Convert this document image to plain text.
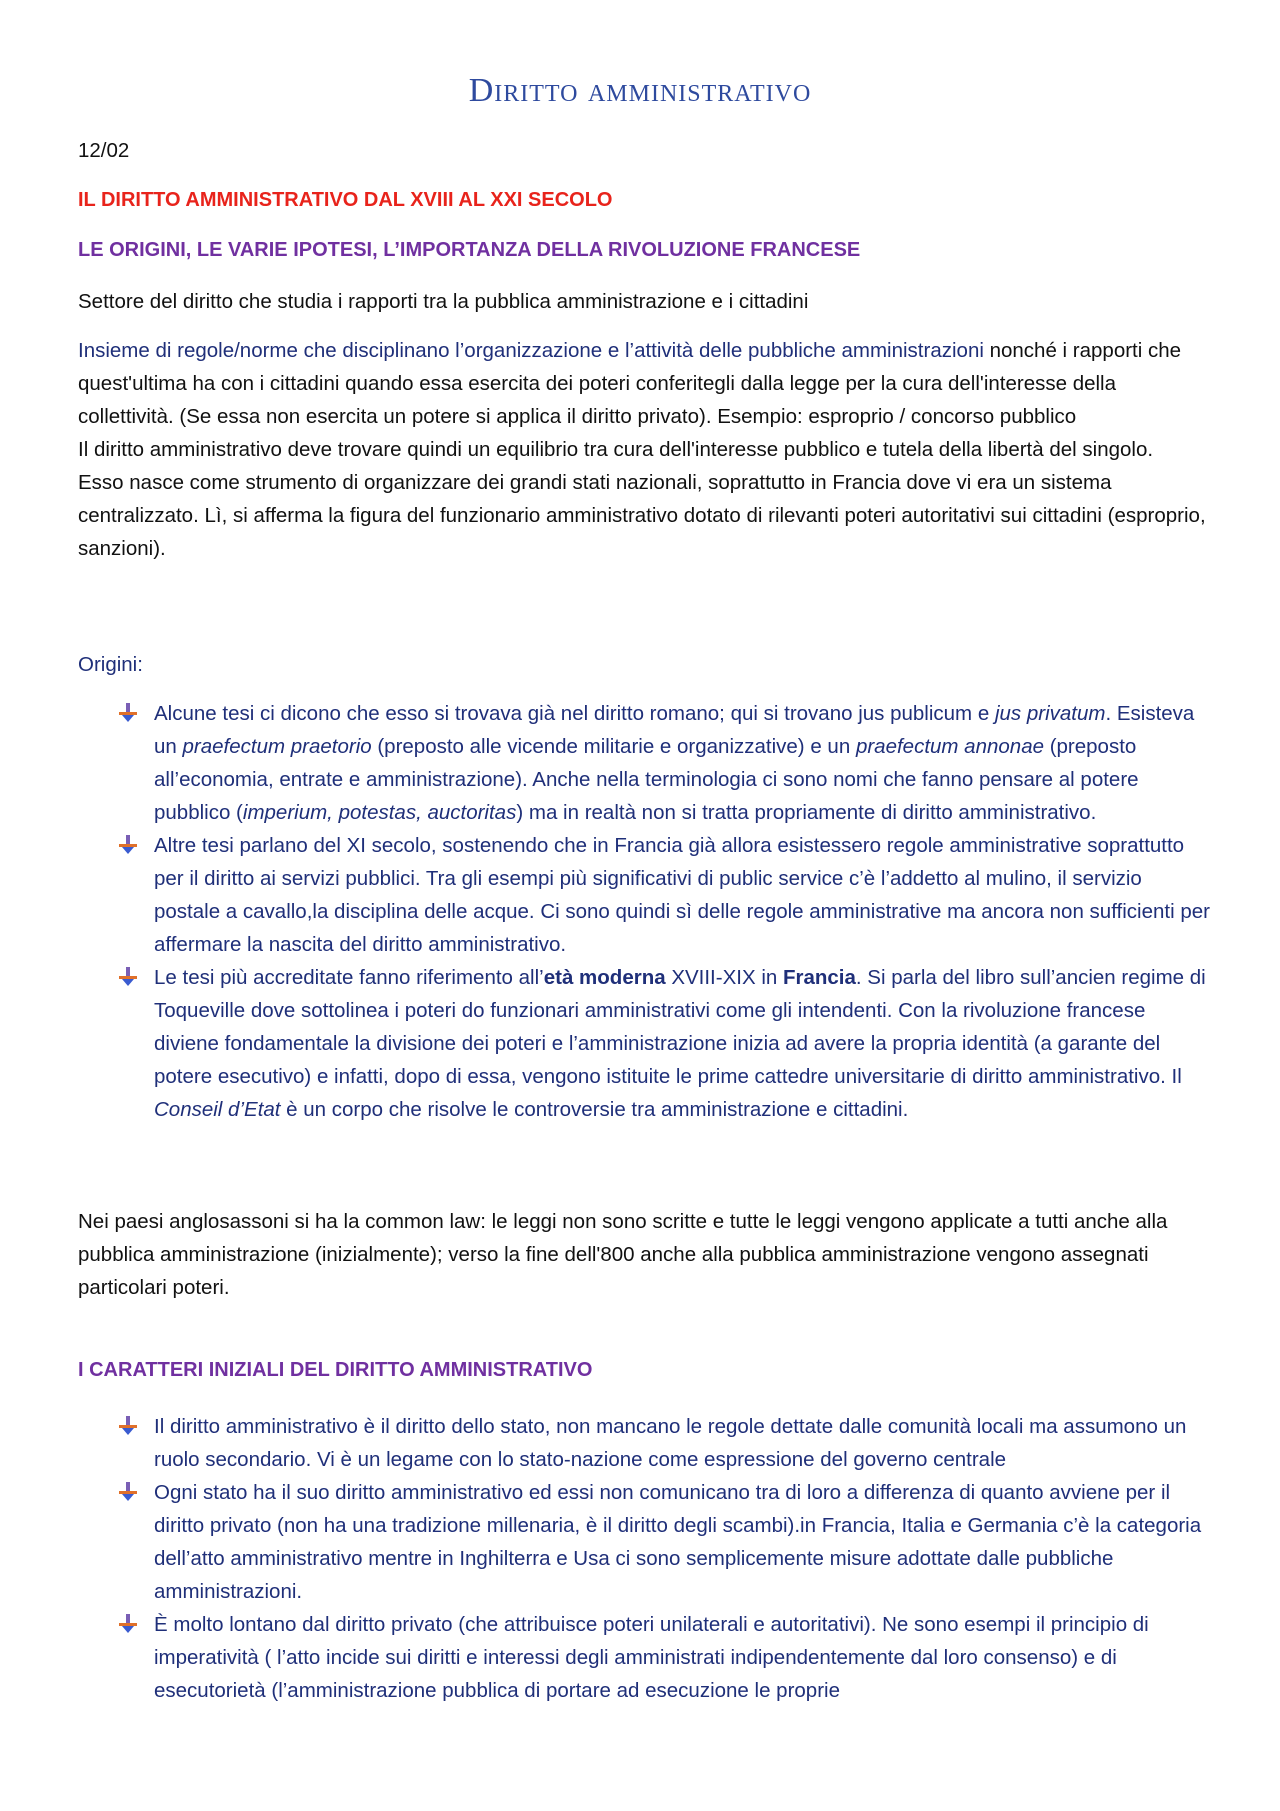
Diritto amministrativo
12/02
IL DIRITTO AMMINISTRATIVO DAL XVIII AL XXI SECOLO
LE ORIGINI, LE VARIE IPOTESI, L’IMPORTANZA DELLA RIVOLUZIONE FRANCESE
Settore del diritto che studia i rapporti tra la pubblica amministrazione e i cittadini
Insieme di regole/norme che disciplinano l’organizzazione e l’attività delle pubbliche amministrazioni nonché i rapporti che quest'ultima ha con i cittadini quando essa esercita dei poteri conferitegli dalla legge per la cura dell'interesse della collettività. (Se essa non esercita un potere si applica il diritto privato). Esempio: esproprio / concorso pubblico
Il diritto amministrativo deve trovare quindi un equilibrio tra cura dell'interesse pubblico e tutela della libertà del singolo.
Esso nasce come strumento di organizzare dei grandi stati nazionali, soprattutto in Francia dove vi era un sistema centralizzato. Lì, si afferma la figura del funzionario amministrativo dotato di rilevanti poteri autoritativi sui cittadini (esproprio, sanzioni).
Origini:
Alcune tesi ci dicono che esso si trovava già nel diritto romano; qui si trovano jus publicum e jus privatum. Esisteva un praefectum praetorio (preposto alle vicende militarie e organizzative) e un praefectum annonae (preposto all’economia, entrate e amministrazione). Anche nella terminologia ci sono nomi che fanno pensare al potere pubblico (imperium, potestas, auctoritas) ma in realtà non si tratta propriamente di diritto amministrativo.
Altre tesi parlano del XI secolo, sostenendo che in Francia già allora esistessero regole amministrative soprattutto per il diritto ai servizi pubblici. Tra gli esempi più significativi di public service c’è l’addetto al mulino, il servizio postale a cavallo,la disciplina delle acque. Ci sono quindi sì delle regole amministrative ma ancora non sufficienti per affermare la nascita del diritto amministrativo.
Le tesi più accreditate fanno riferimento all’età moderna XVIII-XIX in Francia. Si parla del libro sull’ancien regime di Toqueville dove sottolinea i poteri do funzionari amministrativi come gli intendenti. Con la rivoluzione francese diviene fondamentale la divisione dei poteri e l’amministrazione inizia ad avere la propria identità (a garante del potere esecutivo) e infatti, dopo di essa, vengono istituite le prime cattedre universitarie di diritto amministrativo. Il Conseil d’Etat è un corpo che risolve le controversie tra amministrazione e cittadini.
Nei paesi anglosassoni si ha la common law: le leggi non sono scritte e tutte le leggi vengono applicate a tutti anche alla pubblica amministrazione (inizialmente); verso la fine dell'800 anche alla pubblica amministrazione vengono assegnati particolari poteri.
I CARATTERI INIZIALI DEL DIRITTO AMMINISTRATIVO
Il diritto amministrativo è il diritto dello stato, non mancano le regole dettate dalle comunità locali ma assumono un ruolo secondario. Vi è un legame con lo stato-nazione come espressione del governo centrale
Ogni stato ha il suo diritto amministrativo ed essi non comunicano tra di loro a differenza di quanto avviene per il diritto privato (non ha una tradizione millenaria, è il diritto degli scambi).in Francia, Italia e Germania c’è la categoria dell’atto amministrativo mentre in Inghilterra e Usa ci sono semplicemente misure adottate dalle pubbliche amministrazioni.
È molto lontano dal diritto privato (che attribuisce poteri unilaterali e autoritativi). Ne sono esempi il principio di imperatività ( l’atto incide sui diritti e interessi degli amministrati indipendentemente dal loro consenso) e di esecutorietà (l’amministrazione pubblica di portare ad esecuzione le proprie
